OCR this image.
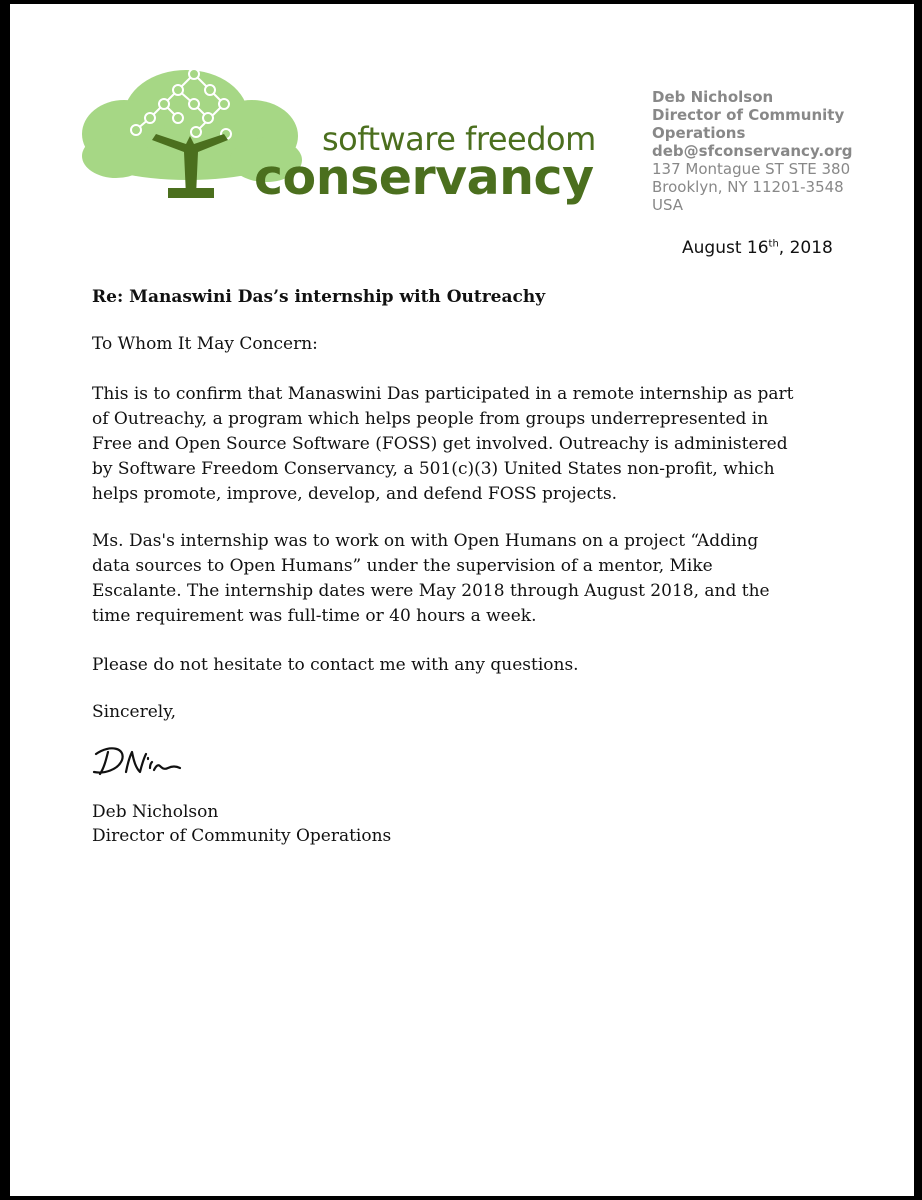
software freedom
conservancy
Deb Nicholson
Director of Community
Operations
deb@sfconservancy.org
137 Montague ST STE 380
Brooklyn, NY 11201-3548
USA
August 16th, 2018
Re: Manaswini Das’s internship with Outreachy
To Whom It May Concern:
This is to confirm that Manaswini Das participated in a remote internship as part
of Outreachy, a program which helps people from groups underrepresented in
Free and Open Source Software (FOSS) get involved. Outreachy is administered
by Software Freedom Conservancy, a 501(c)(3) United States non-profit, which
helps promote, improve, develop, and defend FOSS projects.
Ms. Das's internship was to work on with Open Humans on a project “Adding
data sources to Open Humans” under the supervision of a mentor, Mike
Escalante. The internship dates were May 2018 through August 2018, and the
time requirement was full-time or 40 hours a week.
Please do not hesitate to contact me with any questions.
Sincerely,
Deb Nicholson
Director of Community Operations
